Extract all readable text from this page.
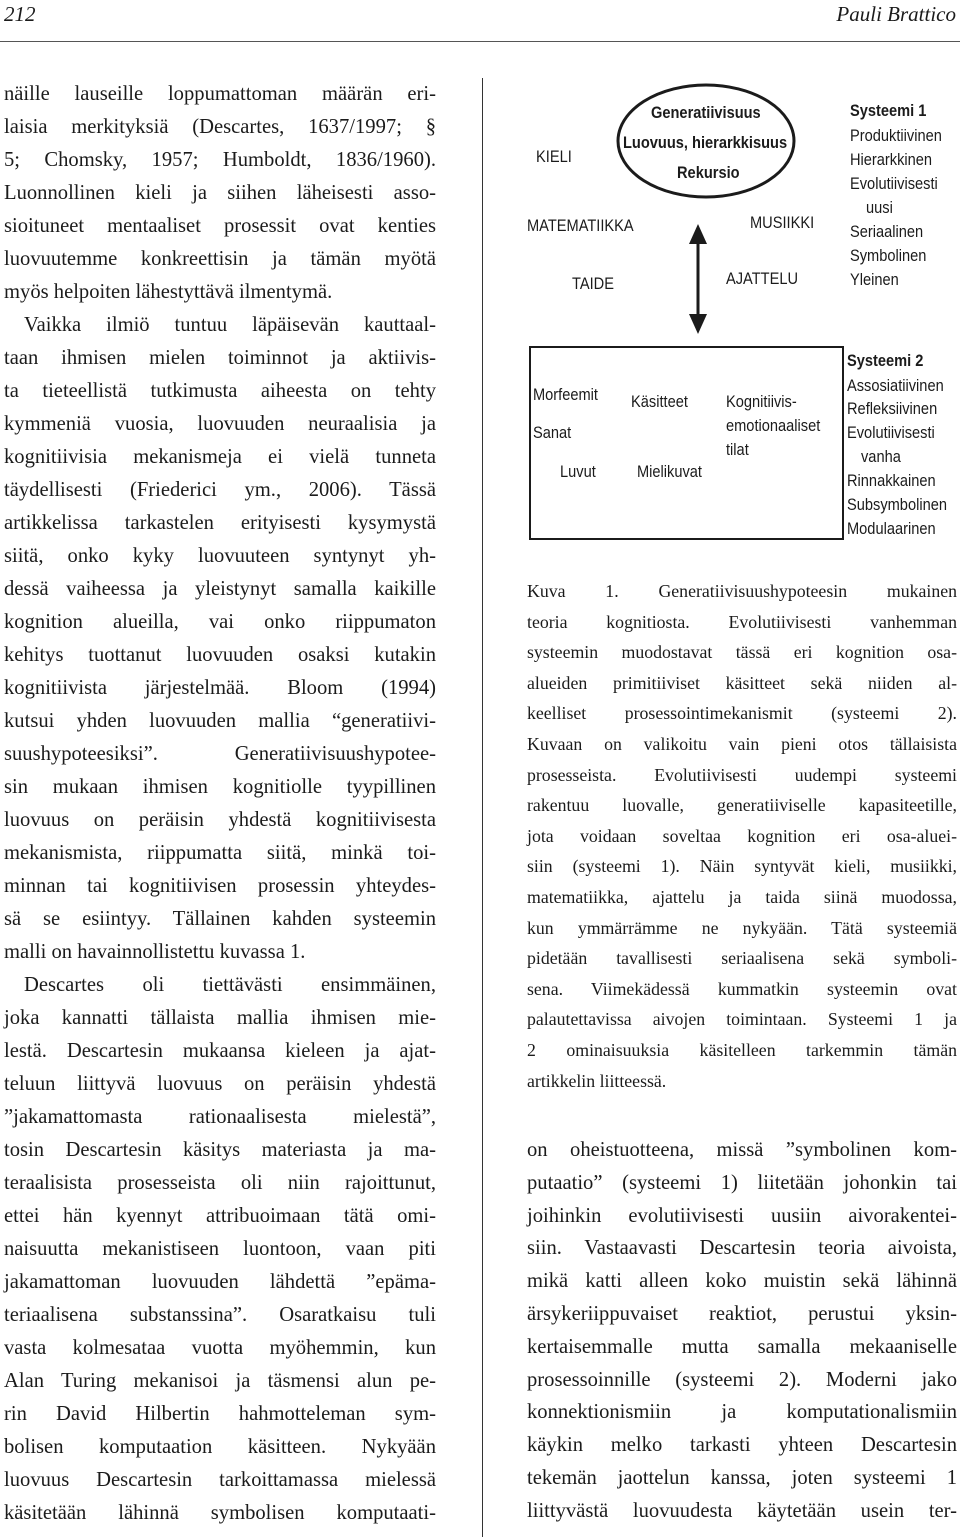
212	Pauli Brattico

näille lauseille loppumattoman määrän eri-
laisia merkityksiä (Descartes, 1637/1997; §
5; Chomsky, 1957; Humboldt, 1836/1960).
Luonnollinen kieli ja siihen läheisesti asso-
sioituneet mentaaliset prosessit ovat kenties
luovuutemme konkreettisin ja tämän myötä
myös helpoiten lähestyttävä ilmentymä.

Vaikka ilmiö tuntuu läpäisevän kauttaal-
taan ihmisen mielen toiminnot ja aktiivis-
ta tieteellistä tutkimusta aiheesta on tehty
kymmeniä vuosia, luovuuden neuraalisia ja
kognitiivisia mekanismeja ei vielä tunneta
täydellisesti (Friederici ym., 2006). Tässä
artikkelissa tarkastelen erityisesti kysymystä
siitä, onko kyky luovuuteen syntynyt yh-
dessä vaiheessa ja yleistynyt samalla kaikille
kognition alueilla, vai onko riippumaton
kehitys tuottanut luovuuden osaksi kutakin
kognitiivista järjestelmää. Bloom (1994)
kutsui yhden luovuuden mallia “generatiivi-
suushypoteesiksi”. Generatiivisuushypotee-
sin mukaan ihmisen kognitiolle tyypillinen
luovuus on peräisin yhdestä kognitiivisesta
mekanismista, riippumatta siitä, minkä toi-
minnan tai kognitiivisen prosessin yhteydes-
sä se esiintyy. Tällainen kahden systeemin
malli on havainnollistettu kuvassa 1.

Descartes oli tiettävästi ensimmäinen,
joka kannatti tällaista mallia ihmisen mie-
lestä. Descartesin mukaansa kieleen ja ajat-
teluun liittyvä luovuus on peräisin yhdestä
”jakamattomasta rationaalisesta mielestä”,
tosin Descartesin käsitys materiasta ja ma-
teraalisista prosesseista oli niin rajoittunut,
ettei hän kyennyt attribuoimaan tätä omi-
naisuutta mekanistiseen luontoon, vaan piti
jakamattoman luovuuden lähdettä ”epäma-
teriaalisena substanssina”. Osaratkaisu tuli
vasta kolmesataa vuotta myöhemmin, kun
Alan Turing mekanisoi ja täsmensi alun pe-
rin David Hilbertin hahmotteleman sym-
bolisen komputaation käsitteen. Nykyään
luovuus Descartesin tarkoittamassa mielessä
käsitetään lähinnä symbolisen komputaati-

KIELI
MATEMATIIKKA
TAIDE
MUSIIKKI
AJATTELU
Generatiivisuus
Luovuus, hierarkkisuus
Rekursio
Systeemi 1
Produktiivinen
Hierarkkinen
Evolutiivisesti
uusi
Seriaalinen
Symbolinen
Yleinen
Morfeemit
Sanat
Luvut
Käsitteet
Mielikuvat
Kognitiivis-
emotionaaliset
tilat
Systeemi 2
Assosiatiivinen
Refleksiivinen
Evolutiivisesti
vanha
Rinnakkainen
Subsymbolinen
Modulaarinen
Kuva 1. Generatiivisuushypoteesin mukainen
teoria kognitiosta. Evolutiivisesti vanhemman
systeemin muodostavat tässä eri kognition osa-
alueiden primitiiviset käsitteet sekä niiden al-
keelliset prosessointimekanismit (systeemi 2).
Kuvaan on valikoitu vain pieni otos tällaisista
prosesseista. Evolutiivisesti uudempi systeemi
rakentuu luovalle, generatiiviselle kapasiteetille,
jota voidaan soveltaa kognition eri osa-aluei-
siin (systeemi 1). Näin syntyvät kieli, musiikki,
matematiikka, ajattelu ja taida siinä muodossa,
kun ymmärrämme ne nykyään. Tätä systeemiä
pidetään tavallisesti seriaalisena sekä symboli-
sena. Viimekädessä kummatkin systeemin ovat
palautettavissa aivojen toimintaan. Systeemi 1 ja
2 ominaisuuksia käsitelleen tarkemmin tämän
artikkelin liitteessä.
on oheistuotteena, missä ”symbolinen kom-
putaatio” (systeemi 1) liitetään johonkin tai
joihinkin evolutiivisesti uusiin aivorakentei-
siin. Vastaavasti Descartesin teoria aivoista,
mikä katti alleen koko muistin sekä lähinnä
ärsykeriippuvaiset reaktiot, perustui yksin-
kertaisemmalle mutta samalla mekaaniselle
prosessoinnille (systeemi 2). Moderni jako
konnektionismiin ja komputationalismiin
käykin melko tarkasti yhteen Descartesin
tekemän jaottelun kanssa, joten systeemi 1
liittyvästä luovuudesta käytetään usein ter-
